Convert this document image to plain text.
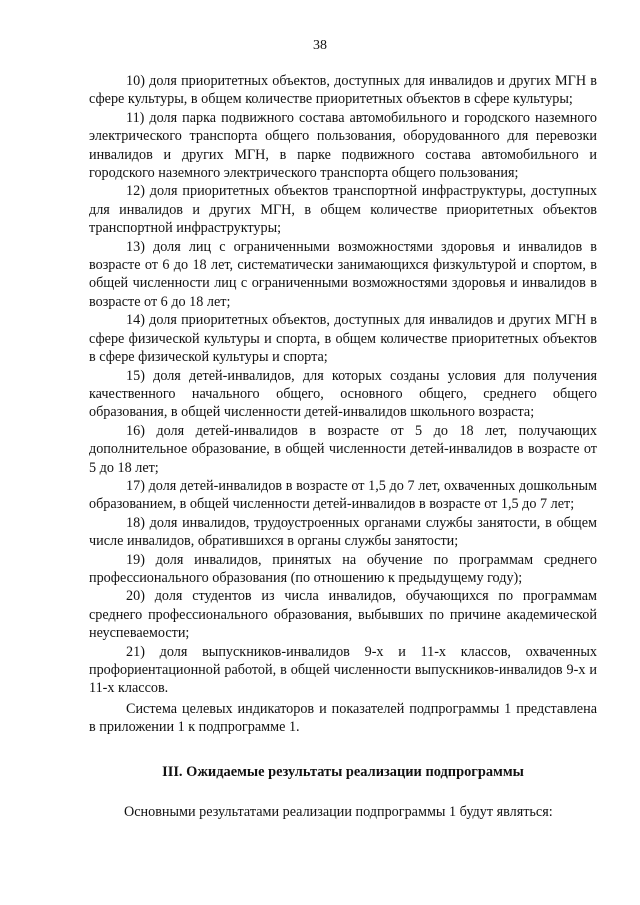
38

10) доля приоритетных объектов, доступных для инвалидов и других МГН в сфере культуры, в общем количестве приоритетных объектов в сфере культуры;

11) доля парка подвижного состава автомобильного и городского наземного электрического транспорта общего пользования, оборудованного для перевозки инвалидов и других МГН, в парке подвижного состава автомобильного и городского наземного электрического транспорта общего пользования;

12) доля приоритетных объектов транспортной инфраструктуры, доступных для инвалидов и других МГН, в общем количестве приоритетных объектов транспортной инфраструктуры;

13) доля лиц с ограниченными возможностями здоровья и инвалидов в возрасте от 6 до 18 лет, систематически занимающихся физкультурой и спортом, в общей численности лиц с ограниченными возможностями здоровья и инвалидов в возрасте от 6 до 18 лет;

14) доля приоритетных объектов, доступных для инвалидов и других МГН в сфере физической культуры и спорта, в общем количестве приоритетных объектов в сфере физической культуры и спорта;

15) доля детей-инвалидов, для которых созданы условия для получения качественного начального общего, основного общего, среднего общего образования, в общей численности детей-инвалидов школьного возраста;

16) доля детей-инвалидов в возрасте от 5 до 18 лет, получающих дополнительное образование, в общей численности детей-инвалидов в возрасте от 5 до 18 лет;

17) доля детей-инвалидов в возрасте от 1,5 до 7 лет, охваченных дошкольным образованием, в общей численности детей-инвалидов в возрасте от 1,5 до 7 лет;

18) доля инвалидов, трудоустроенных органами службы занятости, в общем числе инвалидов, обратившихся в органы службы занятости;

19) доля инвалидов, принятых на обучение по программам среднего профессионального образования (по отношению к предыдущему году);

20) доля студентов из числа инвалидов, обучающихся по программам среднего профессионального образования, выбывших по причине академической неуспеваемости;

21) доля выпускников-инвалидов 9-х и 11-х классов, охваченных профориентационной работой, в общей численности выпускников-инвалидов 9-х и 11-х классов.

Система целевых индикаторов и показателей подпрограммы 1 представлена в приложении 1 к подпрограмме 1.

III. Ожидаемые результаты реализации подпрограммы

Основными результатами реализации подпрограммы 1 будут являться:
